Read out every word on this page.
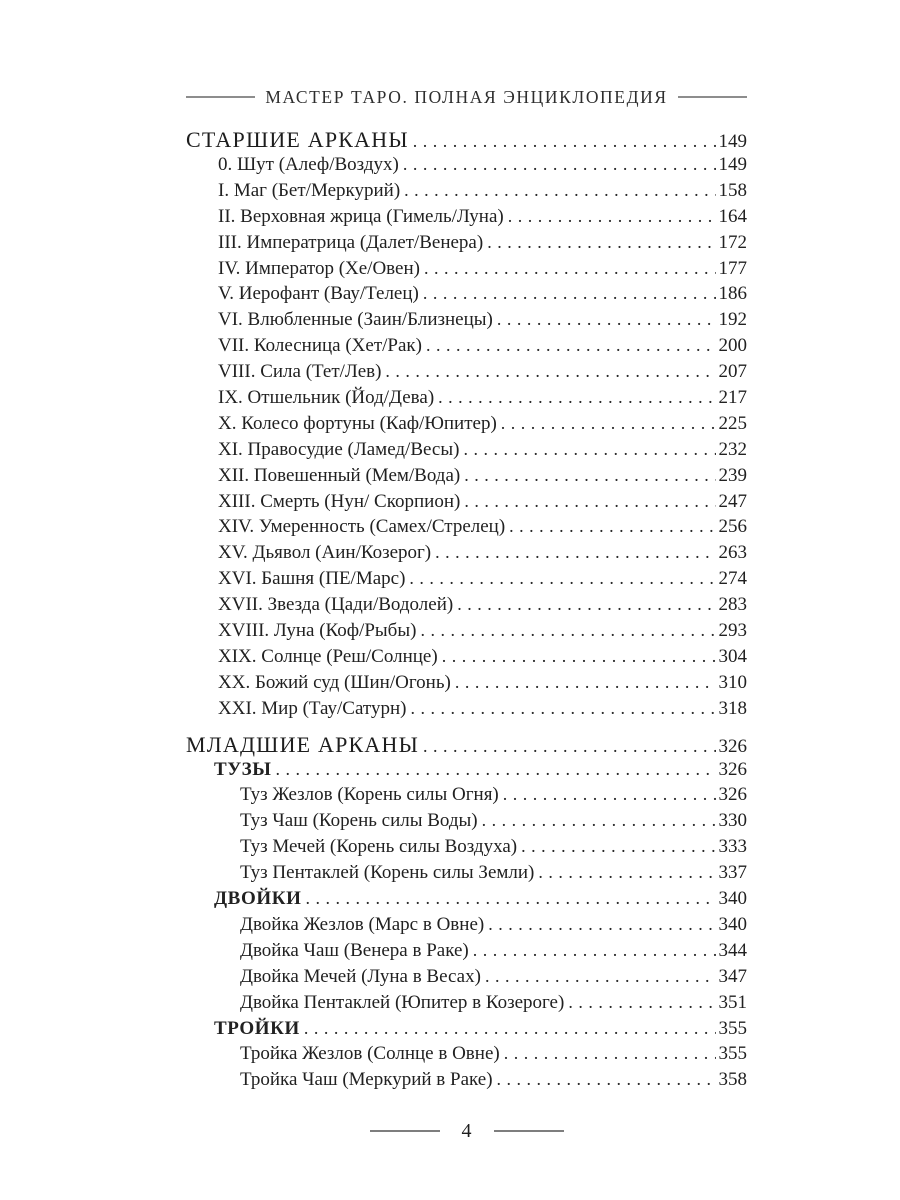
МАСТЕР ТАРО. ПОЛНАЯ ЭНЦИКЛОПЕДИЯ
СТАРШИЕ АРКАНЫ .....	149
0. Шут (Алеф/Воздух) .....	149
I. Маг (Бет/Меркурий) .....	158
II. Верховная жрица (Гимель/Луна) .....	164
III. Императрица (Далет/Венера) .....	172
IV. Император (Хе/Овен) .....	177
V. Иерофант (Вау/Телец) .....	186
VI. Влюбленные (Заин/Близнецы) .....	192
VII. Колесница (Хет/Рак) .....	200
VIII. Сила (Тет/Лев) .....	207
IX. Отшельник (Йод/Дева) .....	217
X. Колесо фортуны (Каф/Юпитер) .....	225
XI. Правосудие (Ламед/Весы) .....	232
XII. Повешенный (Мем/Вода) .....	239
XIII. Смерть (Нун/ Скорпион) .....	247
XIV. Умеренность (Самех/Стрелец) .....	256
XV. Дьявол (Аин/Козерог) .....	263
XVI. Башня (ПЕ/Марс) .....	274
XVII. Звезда (Цади/Водолей) .....	283
XVIII. Луна (Коф/Рыбы) .....	293
XIX. Солнце (Реш/Солнце) .....	304
XX. Божий суд (Шин/Огонь) .....	310
XXI. Мир (Тау/Сатурн) .....	318
МЛАДШИЕ АРКАНЫ .....	326
ТУЗЫ .....	326
Туз Жезлов (Корень силы Огня) .....	326
Туз Чаш (Корень силы Воды) .....	330
Туз Мечей (Корень силы Воздуха) .....	333
Туз Пентаклей (Корень силы Земли) .....	337
ДВОЙКИ .....	340
Двойка Жезлов (Марс в Овне) .....	340
Двойка Чаш (Венера в Раке) .....	344
Двойка Мечей (Луна в Весах) .....	347
Двойка Пентаклей (Юпитер в Козероге) .....	351
ТРОЙКИ .....	355
Тройка Жезлов (Солнце в Овне) .....	355
Тройка Чаш (Меркурий в Раке) .....	358
4
